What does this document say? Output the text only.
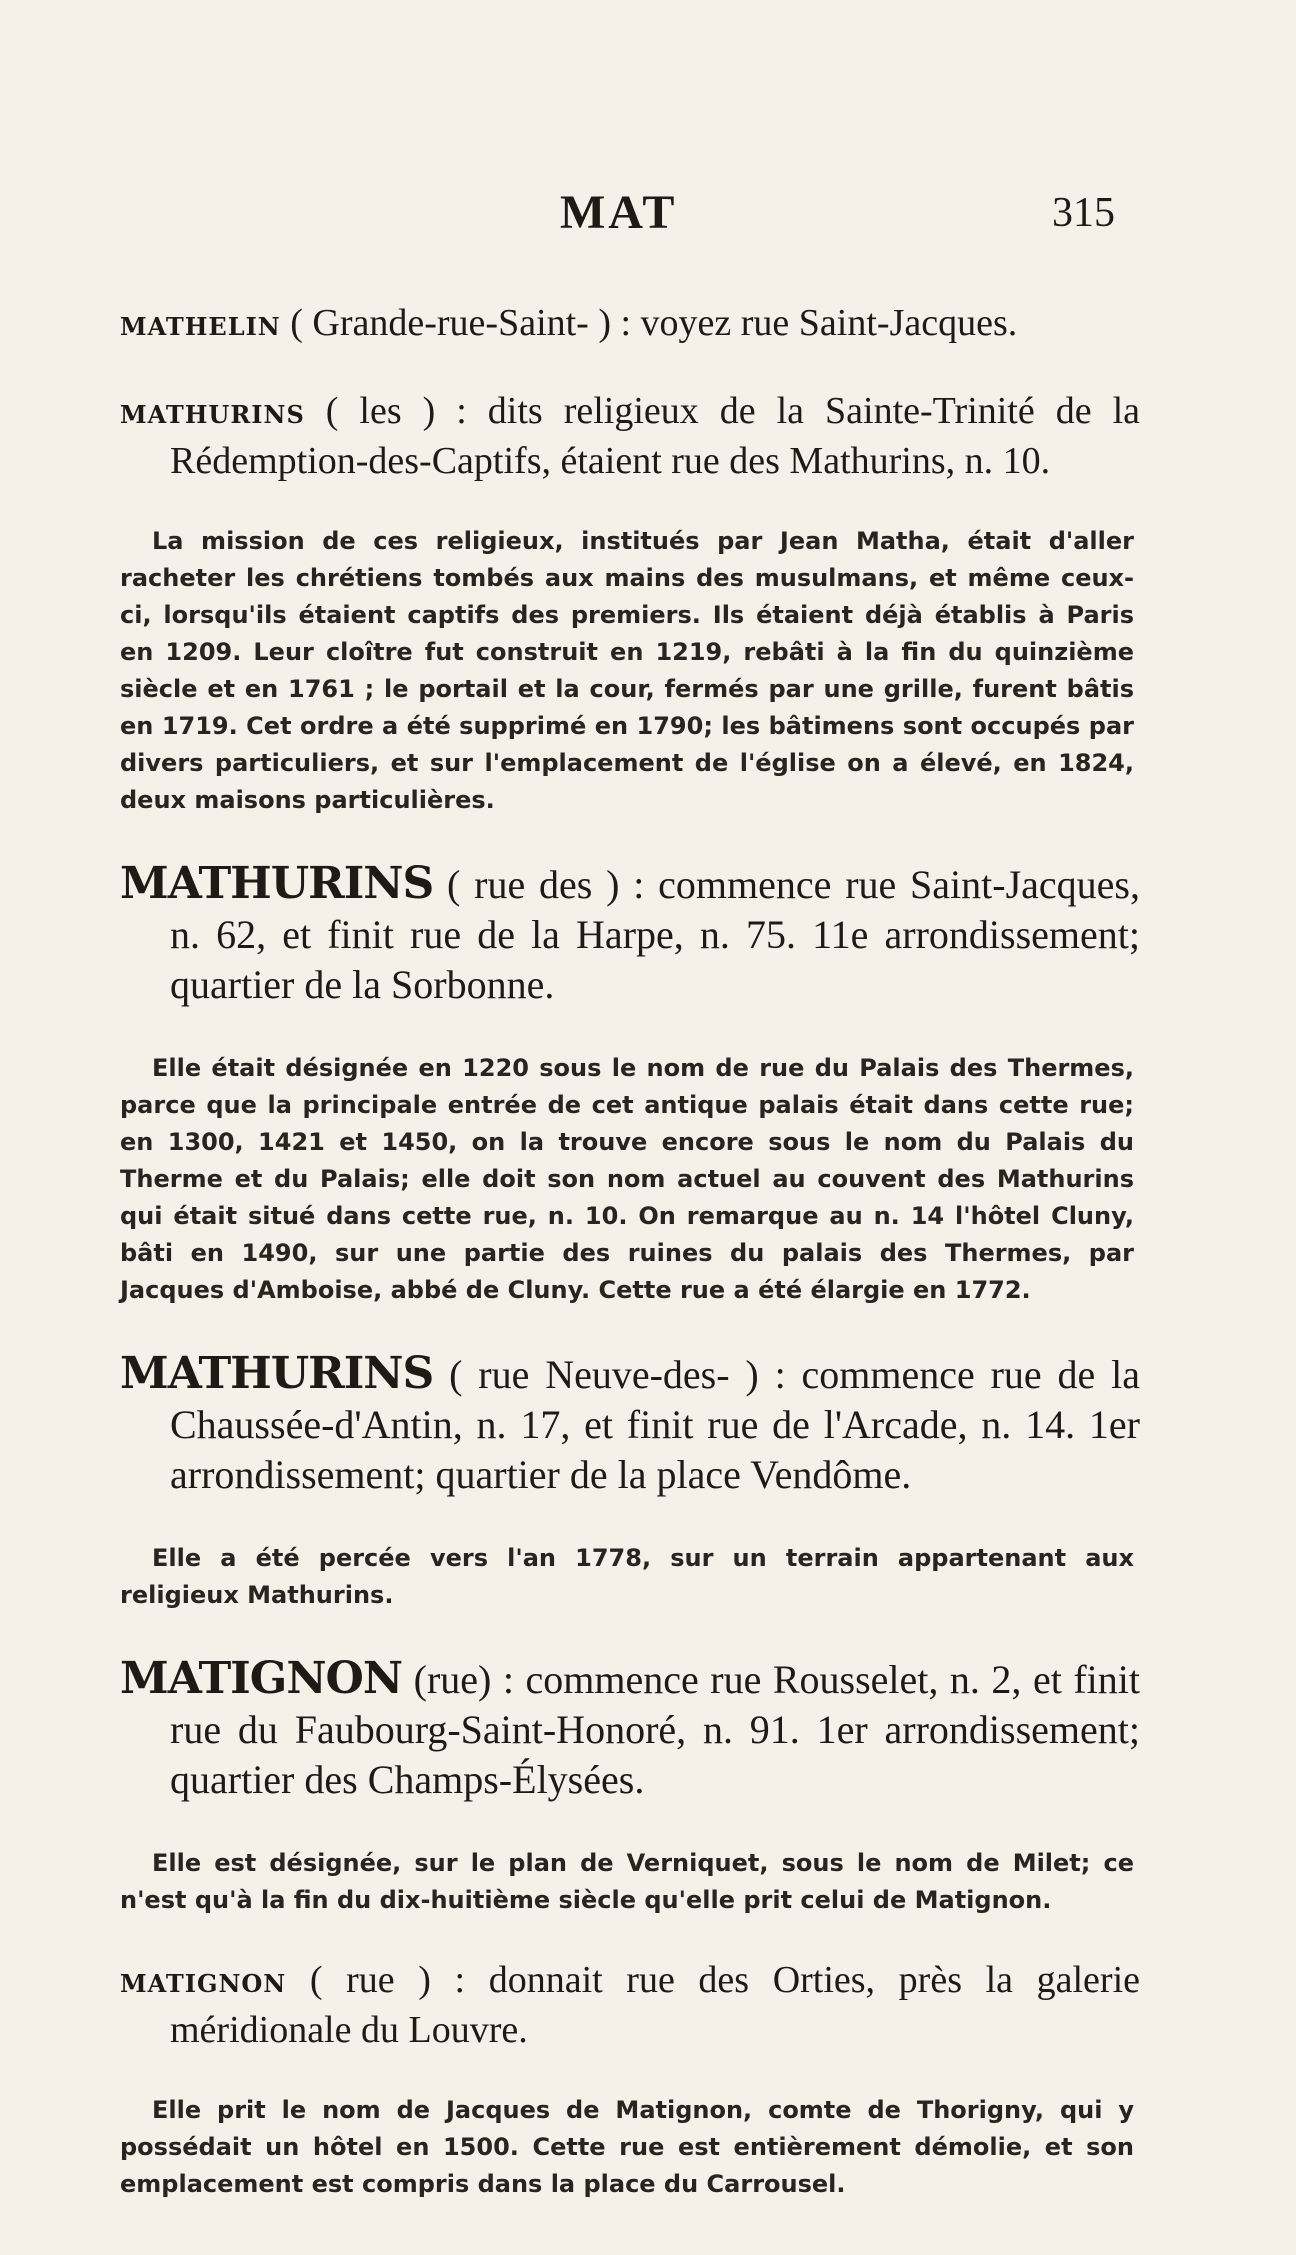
MAT	315

MATHELIN ( Grande-rue-Saint- ) : voyez rue Saint-Jacques.

MATHURINS ( les ) : dits religieux de la Sainte-Trinité de la Rédemption-des-Captifs, étaient rue des Mathurins, n. 10.

La mission de ces religieux, institués par Jean Matha, était d'aller racheter les chrétiens tombés aux mains des musulmans, et même ceux-ci, lorsqu'ils étaient captifs des premiers. Ils étaient déjà établis à Paris en 1209. Leur cloître fut construit en 1219, rebâti à la fin du quinzième siècle et en 1761 ; le portail et la cour, fermés par une grille, furent bâtis en 1719. Cet ordre a été supprimé en 1790; les bâtimens sont occupés par divers particuliers, et sur l'emplacement de l'église on a élevé, en 1824, deux maisons particulières.

MATHURINS ( rue des ) : commence rue Saint-Jacques, n. 62, et finit rue de la Harpe, n. 75. 11e arrondissement; quartier de la Sorbonne.

Elle était désignée en 1220 sous le nom de rue du Palais des Thermes, parce que la principale entrée de cet antique palais était dans cette rue; en 1300, 1421 et 1450, on la trouve encore sous le nom du Palais du Therme et du Palais; elle doit son nom actuel au couvent des Mathurins qui était situé dans cette rue, n. 10. On remarque au n. 14 l'hôtel Cluny, bâti en 1490, sur une partie des ruines du palais des Thermes, par Jacques d'Amboise, abbé de Cluny. Cette rue a été élargie en 1772.

MATHURINS ( rue Neuve-des- ) : commence rue de la Chaussée-d'Antin, n. 17, et finit rue de l'Arcade, n. 14. 1er arrondissement; quartier de la place Vendôme.

Elle a été percée vers l'an 1778, sur un terrain appartenant aux religieux Mathurins.

MATIGNON (rue) : commence rue Rousselet, n. 2, et finit rue du Faubourg-Saint-Honoré, n. 91. 1er arrondissement; quartier des Champs-Élysées.

Elle est désignée, sur le plan de Verniquet, sous le nom de Milet; ce n'est qu'à la fin du dix-huitième siècle qu'elle prit celui de Matignon.

MATIGNON ( rue ) : donnait rue des Orties, près la galerie méridionale du Louvre.

Elle prit le nom de Jacques de Matignon, comte de Thorigny, qui y possédait un hôtel en 1500. Cette rue est entièrement démolie, et son emplacement est compris dans la place du Carrousel.
